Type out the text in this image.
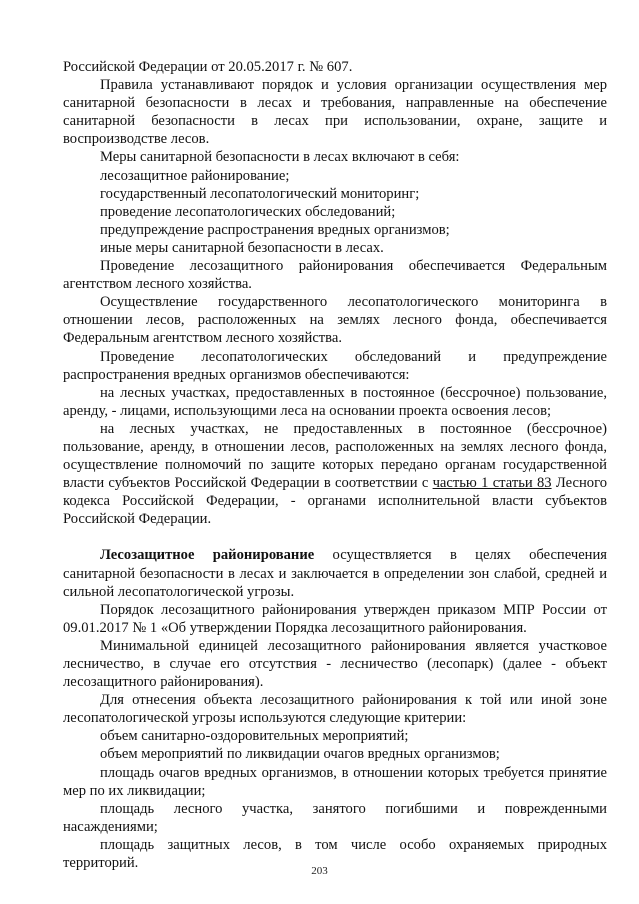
Российской Федерации от 20.05.2017 г. № 607.

Правила устанавливают порядок и условия организации осуществления мер санитарной безопасности в лесах и требования, направленные на обеспечение санитарной безопасности в лесах при использовании, охране, защите и воспроизводстве лесов.

Меры санитарной безопасности в лесах включают в себя:

лесозащитное районирование;

государственный лесопатологический мониторинг;

проведение лесопатологических обследований;

предупреждение распространения вредных организмов;

иные меры санитарной безопасности в лесах.

Проведение лесозащитного районирования обеспечивается Федеральным агентством лесного хозяйства.

Осуществление государственного лесопатологического мониторинга в отношении лесов, расположенных на землях лесного фонда, обеспечивается Федеральным агентством лесного хозяйства.

Проведение лесопатологических обследований и предупреждение распространения вредных организмов обеспечиваются:

на лесных участках, предоставленных в постоянное (бессрочное) пользование, аренду, - лицами, использующими леса на основании проекта освоения лесов;

на лесных участках, не предоставленных в постоянное (бессрочное) пользование, аренду, в отношении лесов, расположенных на землях лесного фонда, осуществление полномочий по защите которых передано органам государственной власти субъектов Российской Федерации в соответствии с частью 1 статьи 83 Лесного кодекса Российской Федерации, - органами исполнительной власти субъектов Российской Федерации.

Лесозащитное районирование осуществляется в целях обеспечения санитарной безопасности в лесах и заключается в определении зон слабой, средней и сильной лесопатологической угрозы.

Порядок лесозащитного районирования утвержден приказом МПР России от 09.01.2017 № 1 «Об утверждении Порядка лесозащитного районирования.

Минимальной единицей лесозащитного районирования является участковое лесничество, в случае его отсутствия - лесничество (лесопарк) (далее - объект лесозащитного районирования).

Для отнесения объекта лесозащитного районирования к той или иной зоне лесопатологической угрозы используются следующие критерии:

объем санитарно-оздоровительных мероприятий;

объем мероприятий по ликвидации очагов вредных организмов;

площадь очагов вредных организмов, в отношении которых требуется принятие мер по их ликвидации;

площадь лесного участка, занятого погибшими и поврежденными насаждениями;

площадь защитных лесов, в том числе особо охраняемых природных территорий.	203
